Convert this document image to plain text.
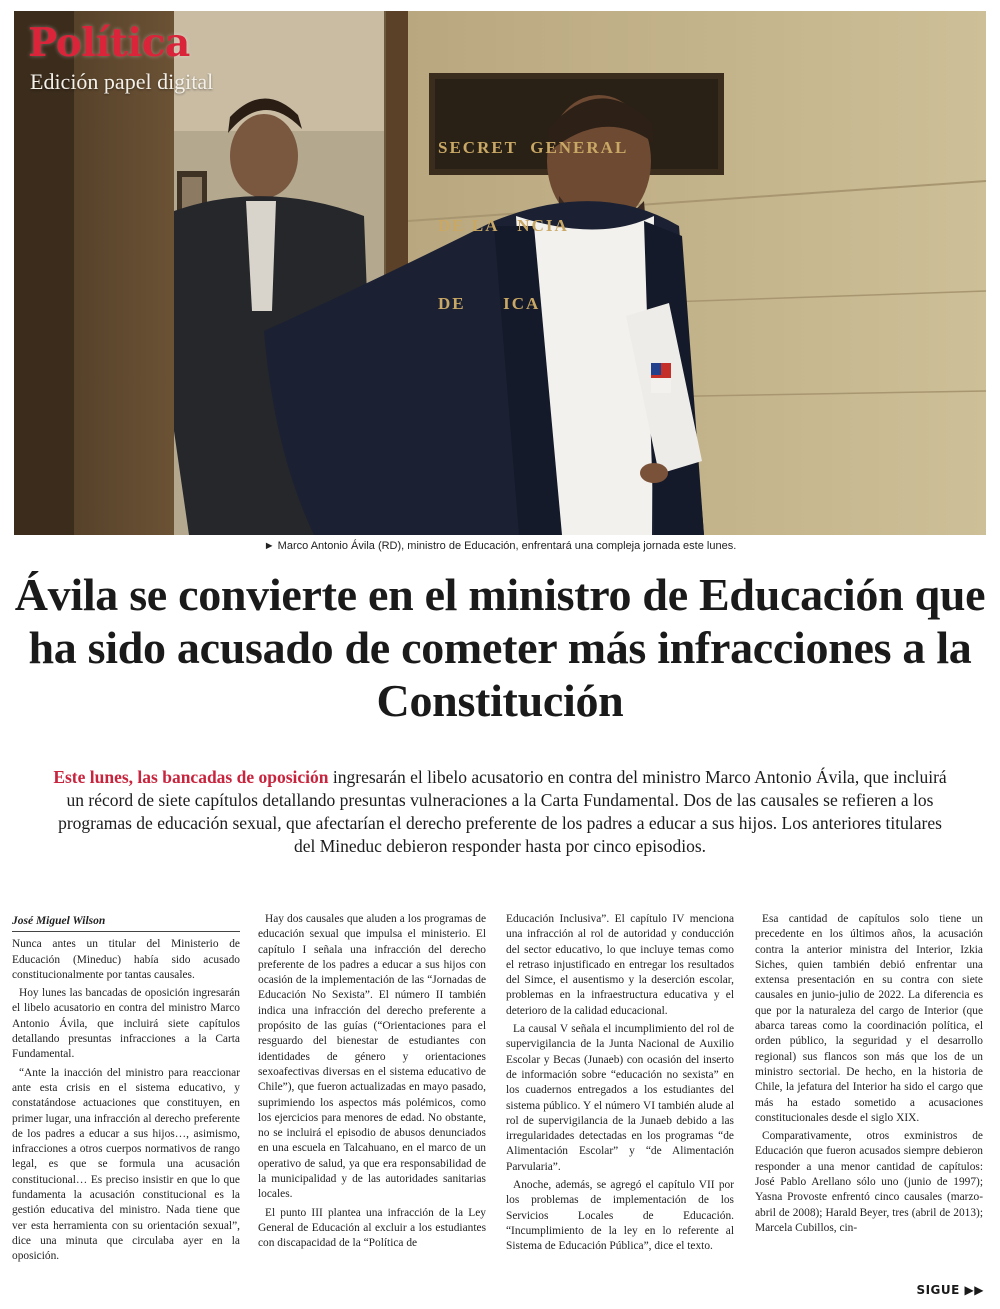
SECRET  GENERAL

DE LA   NCIA

DE      ICA

Política
Edición papel digital
► Marco Antonio Ávila (RD), ministro de Educación, enfrentará una compleja jornada este lunes.
Ávila se convierte en el ministro de Educación que ha sido acusado de cometer más infracciones a la Constitución

Este lunes, las bancadas de oposición ingresarán el libelo acusatorio en contra del ministro Marco Antonio Ávila, que incluirá un récord de siete capítulos detallando presuntas vulneraciones a la Carta Fundamental. Dos de las causales se refieren a los programas de educación sexual, que afectarían el derecho preferente de los padres a educar a sus hijos. Los anteriores titulares del Mineduc debieron responder hasta por cinco episodios.

José Miguel Wilson

Nunca antes un titular del Ministerio de Educación (Mineduc) había sido acusado constitucionalmente por tantas causales.

Hoy lunes las bancadas de oposición ingresarán el libelo acusatorio en contra del ministro Marco Antonio Ávila, que incluirá siete capítulos detallando presuntas infracciones a la Carta Fundamental.

“Ante la inacción del ministro para reaccionar ante esta crisis en el sistema educativo, y constatándose actuaciones que constituyen, en primer lugar, una infracción al derecho preferente de los padres a educar a sus hijos…, asimismo, infracciones a otros cuerpos normativos de rango legal, es que se formula una acusación constitucional… Es preciso insistir en que lo que fundamenta la acusación constitucional es la gestión educativa del ministro. Nada tiene que ver esta herramienta con su orientación sexual”, dice una minuta que circulaba ayer en la oposición.

Hay dos causales que aluden a los programas de educación sexual que impulsa el ministerio. El capítulo I señala una infracción del derecho preferente de los padres a educar a sus hijos con ocasión de la implementación de las “Jornadas de Educación No Sexista”. El número II también indica una infracción del derecho preferente a propósito de las guías (“Orientaciones para el resguardo del bienestar de estudiantes con identidades de género y orientaciones sexoafectivas diversas en el sistema educativo de Chile”), que fueron actualizadas en mayo pasado, suprimiendo los aspectos más polémicos, como los ejercicios para menores de edad. No obstante, no se incluirá el episodio de abusos denunciados en una escuela en Talcahuano, en el marco de un operativo de salud, ya que era responsabilidad de la municipalidad y de las autoridades sanitarias locales.

El punto III plantea una infracción de la Ley General de Educación al excluir a los estudiantes con discapacidad de la “Política de

Educación Inclusiva”. El capítulo IV menciona una infracción al rol de autoridad y conducción del sector educativo, lo que incluye temas como el retraso injustificado en entregar los resultados del Simce, el ausentismo y la deserción escolar, problemas en la infraestructura educativa y el deterioro de la calidad educacional.

La causal V señala el incumplimiento del rol de supervigilancia de la Junta Nacional de Auxilio Escolar y Becas (Junaeb) con ocasión del inserto de información sobre “educación no sexista” en los cuadernos entregados a los estudiantes del sistema público. Y el número VI también alude al rol de supervigilancia de la Junaeb debido a las irregularidades detectadas en los programas “de Alimentación Escolar” y “de Alimentación Parvularia”.

Anoche, además, se agregó el capítulo VII por los problemas de implementación de los Servicios Locales de Educación. “Incumplimiento de la ley en lo referente al Sistema de Educación Pública”, dice el texto.

Esa cantidad de capítulos solo tiene un precedente en los últimos años, la acusación contra la anterior ministra del Interior, Izkia Siches, quien también debió enfrentar una extensa presentación en su contra con siete causales en junio-julio de 2022. La diferencia es que por la naturaleza del cargo de Interior (que abarca tareas como la coordinación política, el orden público, la seguridad y el desarrollo regional) sus flancos son más que los de un ministro sectorial. De hecho, en la historia de Chile, la jefatura del Interior ha sido el cargo que más ha estado sometido a acusaciones constitucionales desde el siglo XIX.

Comparativamente, otros exministros de Educación que fueron acusados siempre debieron responder a una menor cantidad de capítulos: José Pablo Arellano sólo uno (junio de 1997); Yasna Provoste enfrentó cinco causales (marzo-abril de 2008); Harald Beyer, tres (abril de 2013); Marcela Cubillos, cin-

SIGUE ▶▶
